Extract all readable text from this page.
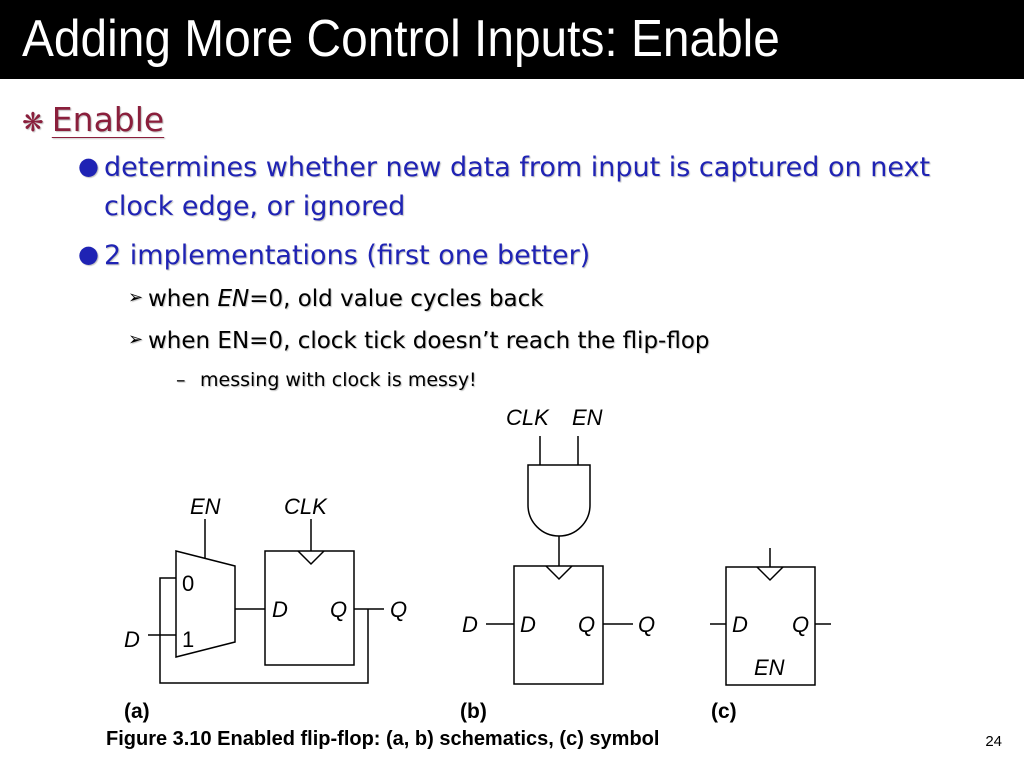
Adding More Control Inputs: Enable
❋ Enable
● determines whether new data from input is captured on next
clock edge, or ignored
● 2 implementations (first one better)
➢ when EN=0, old value cycles back
➢ when EN=0, clock tick doesn’t reach the flip-flop
– messing with clock is messy!
EN	CLK
0
1
D
D Q Q
(a)
CLK EN
D D Q Q
(b)
D Q
EN
(c)
Figure 3.10 Enabled flip-flop: (a, b) schematics, (c) symbol	24
